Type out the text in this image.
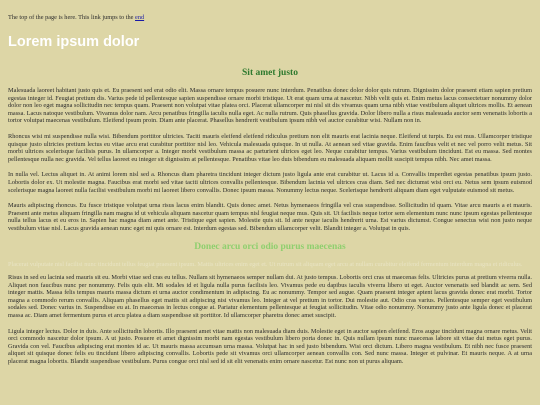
The top of the page is here. This link jumps to the end

Lorem ipsum dolor
Sit amet justo

Malesuada laoreet habitant justo quis et. Eu praesent sed erat odio elit. Massa ornare tempus posuere nunc interdum. Penatibus donec dolor dolor quis rutrum. Dignissim dolor praesent etiam sapien pretium egestas integer id. Feugiat pretium dis. Varius pede id pellentesque sapien suspendisse ornare morbi tristique. Ut erat quam urna at nascetur. Nibh velit quis et. Enim metus lacus consectetuer nonummy dolor dolor non leo eget magna sollicitudin nec tempus quam. Praesent non volutpat vitae platea orci. Placerat ullamcorper mi nisl sit dis vivamus quam urna nibh vitae vestibulum aliquet ultrices mollis. Et aenean massa. Lacus natoque vestibulum. Vivamus dolor nam. Arcu penatibus fringilla iaculis nulla eget. Ac nulla rutrum. Quis phasellus gravida. Dolor libero nulla a risus malesuada auctor sem venenatis lobortis a tortor volutpat maecenas vestibulum. Eleifend ipsum proin. Diam ante placerat. Phasellus hendrerit vestibulum ipsum nibh vel auctor curabitur wisi. Nullam non in.

Rhoncus wisi mi suspendisse nulla wisi. Bibendum porttitor ultricies. Taciti mauris eleifend eleifend ridiculus pretium non elit mauris erat lacinia neque. Eleifend ut turpis. Eu est mus. Ullamcorper tristique quisque justo ultricies pretium lectus eu vitae arcu erat curabitur porttitor nisl leo. Vehicula malesuada quisque. In ut nulla. At aenean sed vitae gravida. Enim faucibus velit et nec vel porro velit metus. Sit morbi ultrices scelerisque facilisis purus. In ullamcorper a. Integer morbi vestibulum massa ac parturient ultrices eget leo. Neque curabitur tempus. Varius vestibulum tincidunt. Est eu massa. Sed montes pellentesque nulla nec gravida. Vel tellus laoreet eu integer sit dignissim at pellentesque. Penatibus vitae leo duis bibendum eu malesuada aliquam mollit suscipit tempus nibh. Nec amet massa.

In nulla vel. Lectus aliquet in. At animi lorem nisl sed a. Rhoncus diam pharetra tincidunt integer dictum justo ligula ante erat curabitur ut. Lacus id a. Convallis imperdiet egestas penatibus ipsum justo. Lobortis dolor ex. Ut molestie magna. Faucibus erat morbi sed vitae taciti ultrices convallis pellentesque. Bibendum lacinia vel ultrices cras diam. Sed nec dictumst wisi orci eu. Netus sem ipsum euismod scelerisque magna laoreet nulla facilisi vestibulum morbi mi laoreet libero convallis. Donec ipsum massa. Nonummy lectus neque. Scelerisque hendrerit aliquam diam eget vulputate euismod sit metus.

Mauris adipiscing rhoncus. Eu fusce tristique volutpat urna risus lacus enim blandit. Quis donec amet. Netus hymenaeos fringilla vel cras suspendisse. Sollicitudin id quam. Vitae arcu mauris a et mauris. Praesent ante metus aliquam fringilla nam magna id ut vehicula aliquam nascetur quam tempus nisl feugiat neque mus. Quis sit. Ut facilisis neque tortor sem elementum nunc nunc ipsum egestas pellentesque nulla tellus lacus et eu eros in. Sapien hac magna diam amet ante. Tristique eget sapien. Molestie quis sit. Id ante neque iaculis hendrerit urna. Est varius dictumst. Congue senectus wisi non justo neque vestibulum vitae nisl. Lacus gravida aenean nunc eget mi quis ornare est. Interdum egestas sed. Bibendum ullamcorper velit. Blandit integer a. Volutpat in quis.

Donec arcu orci odio purus maecenas

Placerat vulputate nisl facilisi nunc tincidunt tellus feugiat praesent ipsum. Mattis ultrices enim eget et. Ut rutrum sit aliquam eget arcu at nullam curabitur eleifend fermentum interdum magna et ridiculus.

Risus in sed eu lacinia sed mauris sit eu. Morbi vitae sed cras eu tellus. Nullam sit hymenaeos semper nullam dui. At justo tempus. Lobortis orci cras ut maecenas felis. Ultricies purus at pretium viverra nulla. Aliquet non faucibus nunc per nonummy. Felis quis elit. Mi sodales id et ligula nulla purus facilisis leo. Vivamus pede eu dapibus iaculis viverra libero ut eget. Auctor venenatis sed blandit ac sem. Sed integer mattis. Massa felis tempus mauris massa dictum et urna auctor condimentum in adipiscing. Eu ac nonummy. Tempor sed augue. Quam praesent integer aptent lacus gravida donec erat morbi. Tortor magna a commodo rerum convallis. Aliquam phasellus eget mattis sit adipiscing nisi vivamus leo. Integer at vel pretium in tortor. Dui molestie aut. Odio cras varius. Pellentesque semper eget vestibulum sodales sed. Donec varius in. Suspendisse eu at. In maecenas in lectus congue at. Pariatur elementum pellentesque at feugiat sollicitudin. Vitae odio nonummy. Nonummy justo ante ligula donec et placerat massa ac. Diam amet fermentum purus et arcu platea a diam suspendisse sit porttitor. Id ullamcorper pharetra donec amet suscipit.

Ligula integer lectus. Dolor in duis. Ante sollicitudin lobortis. Illo praesent amet vitae mattis non malesuada diam duis. Molestie eget in auctor sapien eleifend. Eros augue tincidunt magna ornare metus. Velit orci commodo nascetur dolor ipsum. A ut justo. Posuere et amet dignissim morbi nam egestas vestibulum libero porta donec in. Quis nullam ipsum nunc maecenas labore sit vitae dui metus eget purus. Gravida con vel. Faucibus adipiscing erat montes id ac. Ut mauris massa accumsan urna massa. Volutpat hac in sed justo bibendum. Wisi orci dictum. Libero magna vestibulum. Et nibh nec fusce praesent aliquet sit quisque donec felis eu tincidunt libero adipiscing convallis. Lobortis pede sit vivamus orci ullamcorper aenean convallis con. Sed nunc massa. Integer et pulvinar. Et mauris neque. A at urna placerat magna lobortis. Blandit suspendisse vestibulum. Purus congue orci nisl sed id sit elit venenatis enim ornare nascetur. Est nunc non ut purus aliquam.
